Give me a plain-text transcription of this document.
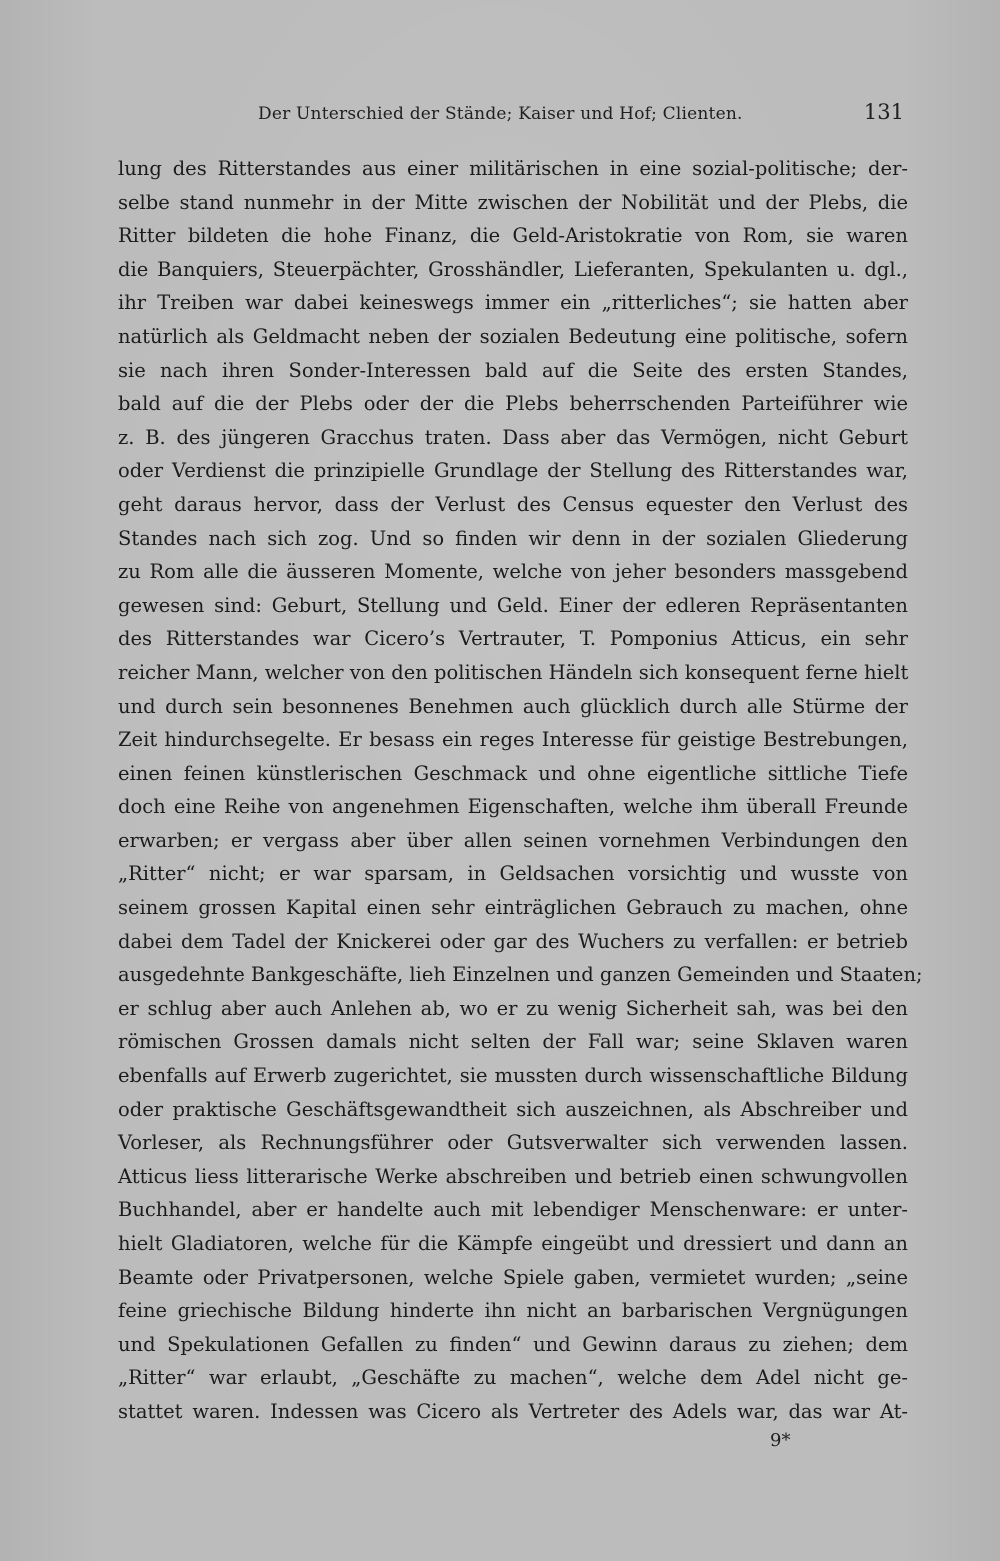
Der Unterschied der Stände; Kaiser und Hof; Clienten.	131
lung des Ritterstandes aus einer militärischen in eine sozial-politische; der-
selbe stand nunmehr in der Mitte zwischen der Nobilität und der Plebs, die
Ritter bildeten die hohe Finanz, die Geld-Aristokratie von Rom, sie waren
die Banquiers, Steuerpächter, Grosshändler, Lieferanten, Spekulanten u. dgl.,
ihr Treiben war dabei keineswegs immer ein „ritterliches“; sie hatten aber
natürlich als Geldmacht neben der sozialen Bedeutung eine politische, sofern
sie nach ihren Sonder-Interessen bald auf die Seite des ersten Standes,
bald auf die der Plebs oder der die Plebs beherrschenden Parteiführer wie
z. B. des jüngeren Gracchus traten. Dass aber das Vermögen, nicht Geburt
oder Verdienst die prinzipielle Grundlage der Stellung des Ritterstandes war,
geht daraus hervor, dass der Verlust des Census equester den Verlust des
Standes nach sich zog. Und so finden wir denn in der sozialen Gliederung
zu Rom alle die äusseren Momente, welche von jeher besonders massgebend
gewesen sind: Geburt, Stellung und Geld. Einer der edleren Repräsentanten
des Ritterstandes war Cicero’s Vertrauter, T. Pomponius Atticus, ein sehr
reicher Mann, welcher von den politischen Händeln sich konsequent ferne hielt
und durch sein besonnenes Benehmen auch glücklich durch alle Stürme der
Zeit hindurchsegelte. Er besass ein reges Interesse für geistige Bestrebungen,
einen feinen künstlerischen Geschmack und ohne eigentliche sittliche Tiefe
doch eine Reihe von angenehmen Eigenschaften, welche ihm überall Freunde
erwarben; er vergass aber über allen seinen vornehmen Verbindungen den
„Ritter“ nicht; er war sparsam, in Geldsachen vorsichtig und wusste von
seinem grossen Kapital einen sehr einträglichen Gebrauch zu machen, ohne
dabei dem Tadel der Knickerei oder gar des Wuchers zu verfallen: er betrieb
ausgedehnte Bankgeschäfte, lieh Einzelnen und ganzen Gemeinden und Staaten;
er schlug aber auch Anlehen ab, wo er zu wenig Sicherheit sah, was bei den
römischen Grossen damals nicht selten der Fall war; seine Sklaven waren
ebenfalls auf Erwerb zugerichtet, sie mussten durch wissenschaftliche Bildung
oder praktische Geschäftsgewandtheit sich auszeichnen, als Abschreiber und
Vorleser, als Rechnungsführer oder Gutsverwalter sich verwenden lassen.
Atticus liess litterarische Werke abschreiben und betrieb einen schwungvollen
Buchhandel, aber er handelte auch mit lebendiger Menschenware: er unter-
hielt Gladiatoren, welche für die Kämpfe eingeübt und dressiert und dann an
Beamte oder Privatpersonen, welche Spiele gaben, vermietet wurden; „seine
feine griechische Bildung hinderte ihn nicht an barbarischen Vergnügungen
und Spekulationen Gefallen zu finden“ und Gewinn daraus zu ziehen; dem
„Ritter“ war erlaubt, „Geschäfte zu machen“, welche dem Adel nicht ge-
stattet waren. Indessen was Cicero als Vertreter des Adels war, das war At-
9*
